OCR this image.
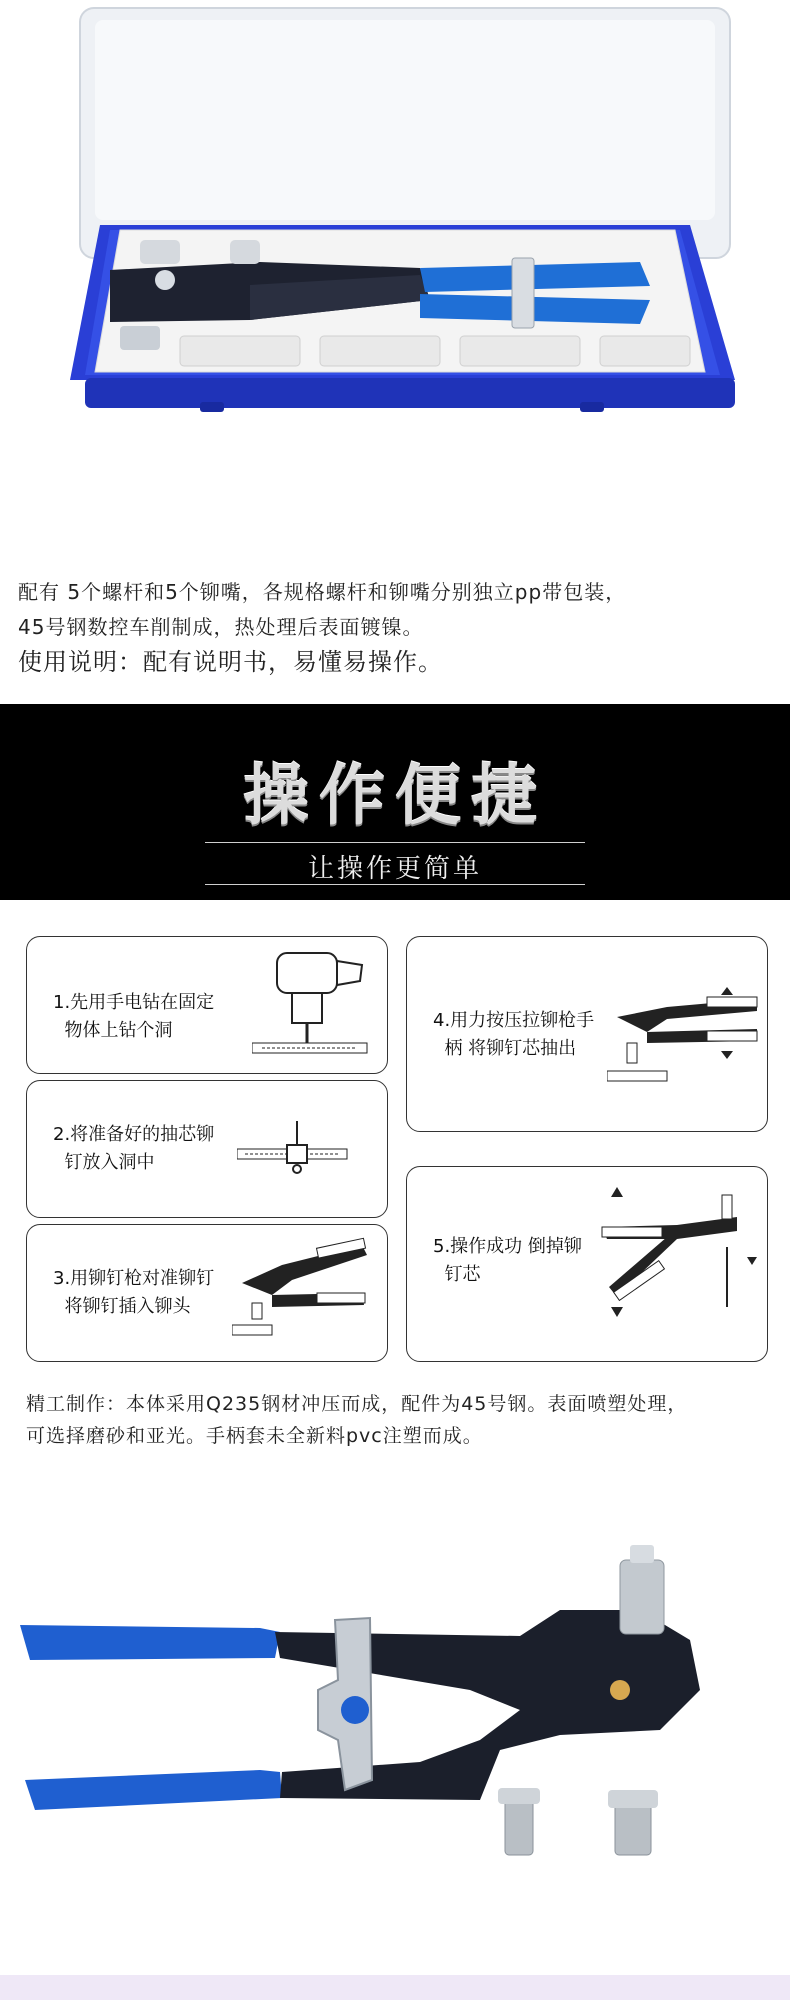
配有 5个螺杆和5个铆嘴，各规格螺杆和铆嘴分别独立pp带包装，
45号钢数控车削制成，热处理后表面镀镍。
使用说明：配有说明书，易懂易操作。
操作便捷
让操作更简单
1.先用手电钻在固定
物体上钻个洞
2.将准备好的抽芯铆
钉放入洞中
3.用铆钉枪对准铆钉
将铆钉插入铆头
4.用力按压拉铆枪手
柄 将铆钉芯抽出
5.操作成功 倒掉铆
钉芯
精工制作：本体采用Q235钢材冲压而成，配件为45号钢。表面喷塑处理，
可选择磨砂和亚光。手柄套未全新料pvc注塑而成。
